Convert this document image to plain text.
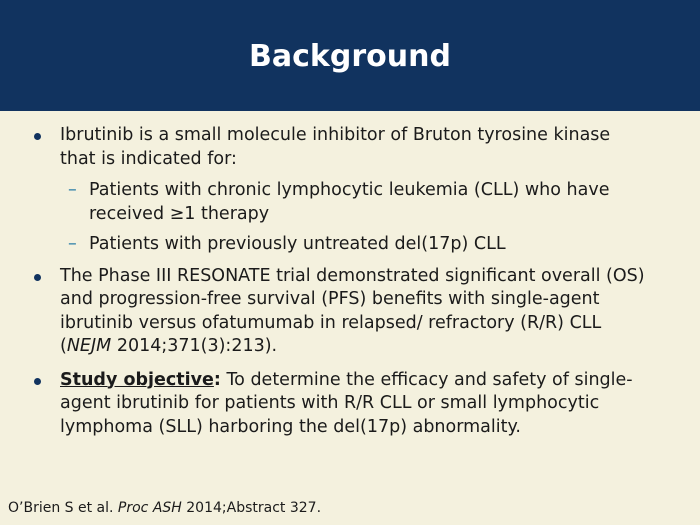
Background
Ibrutinib is a small molecule inhibitor of Bruton tyrosine kinase that is indicated for:
– Patients with chronic lymphocytic leukemia (CLL) who have received ≥1 therapy
– Patients with previously untreated del(17p) CLL
The Phase III RESONATE trial demonstrated significant overall (OS) and progression-free survival (PFS) benefits with single-agent ibrutinib versus ofatumumab in relapsed/ refractory (R/R) CLL (NEJM 2014;371(3):213).
Study objective: To determine the efficacy and safety of single-agent ibrutinib for patients with R/R CLL or small lymphocytic lymphoma (SLL) harboring the del(17p) abnormality.
O’Brien S et al. Proc ASH 2014;Abstract 327.
